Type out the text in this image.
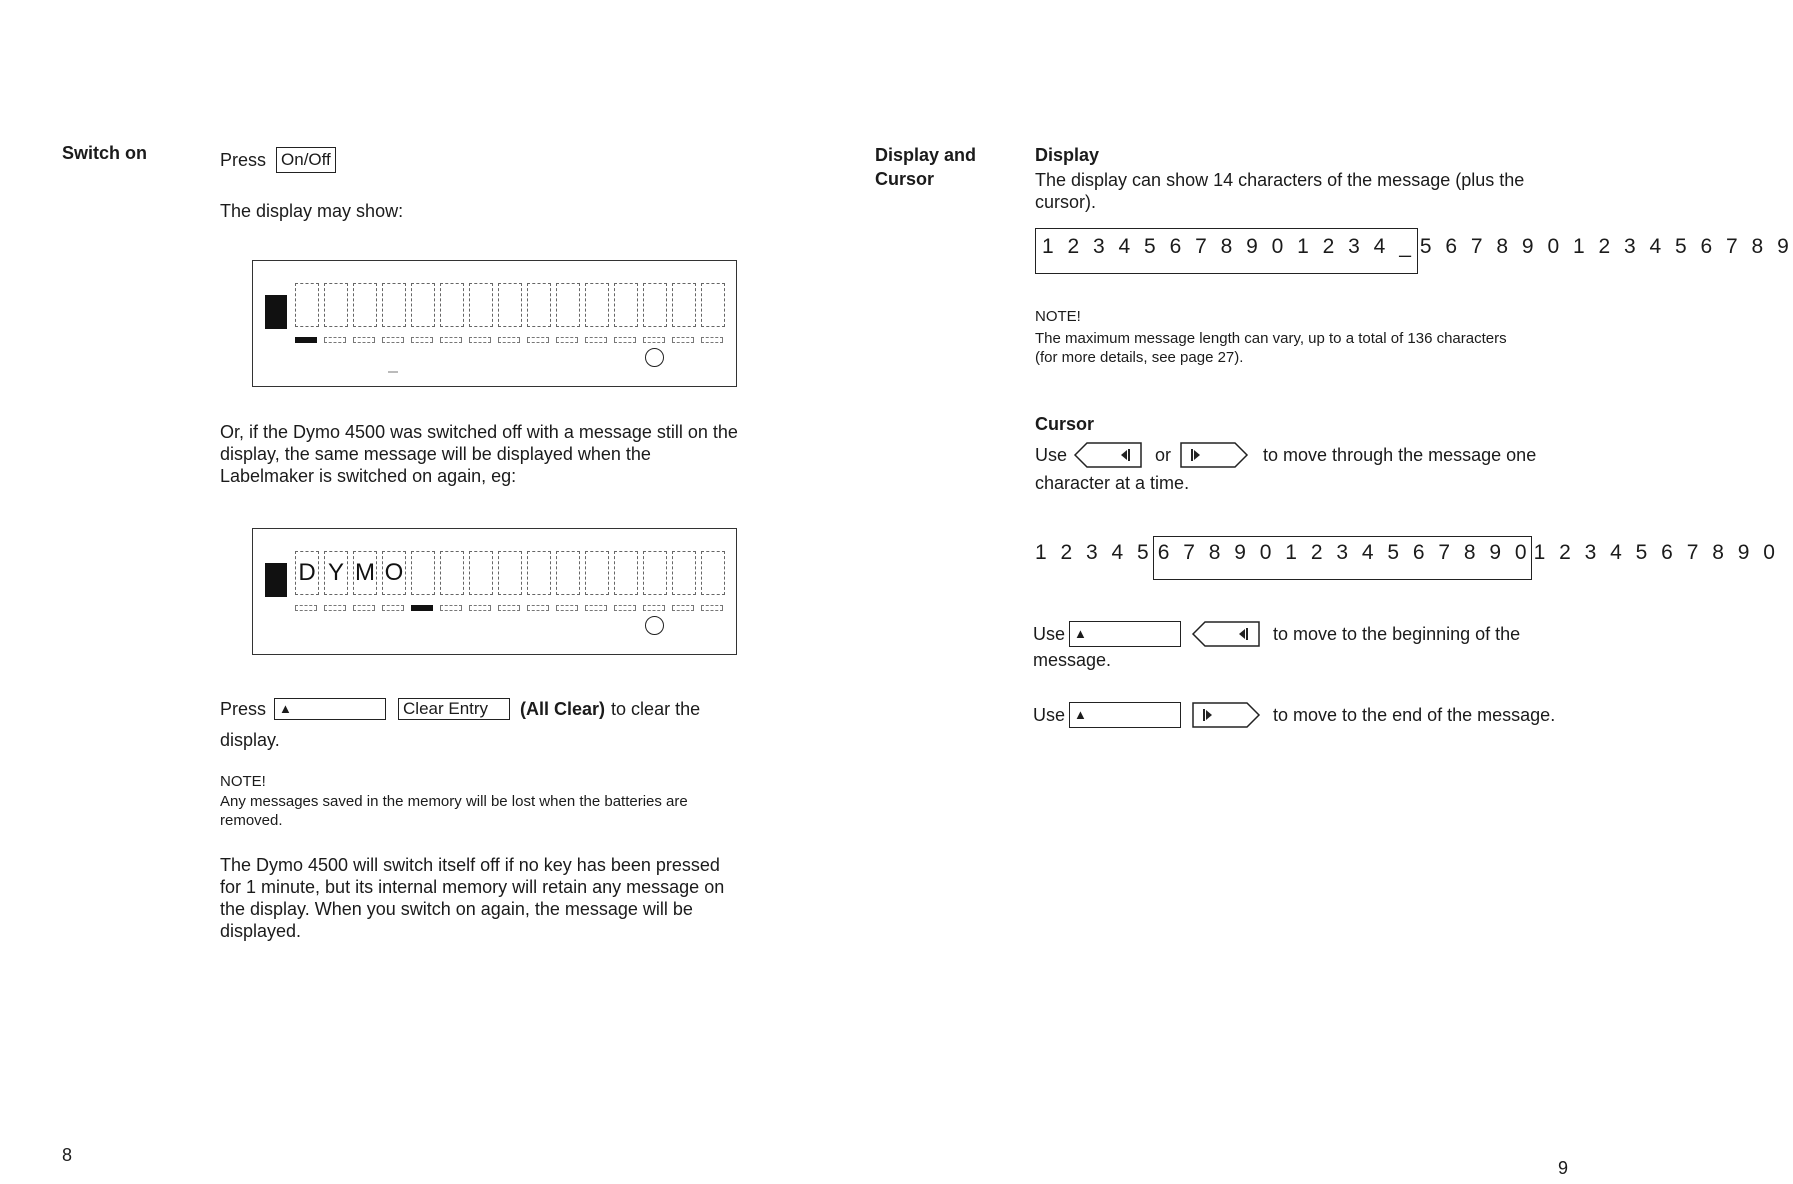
Switch on	Press On/Off
The display may show:
Or, if the Dymo 4500 was switched off with a message still on the
display, the same message will be displayed when the
Labelmaker is switched on again, eg:
D Y M O
Press	▲	Clear Entry	(All Clear) to clear the
display.
NOTE!
Any messages saved in the memory will be lost when the batteries are
removed.
The Dymo 4500 will switch itself off if no key has been pressed
for 1 minute, but its internal memory will retain any message on
the display. When you switch on again, the message will be
displayed.
8
Display and
Cursor
Display
The display can show 14 characters of the message (plus the
cursor).
1 2 3 4 5 6 7 8 9 0 1 2 3 4 _ 5 6 7 8 9 0 1 2 3 4 5 6 7 8 9
NOTE!
The maximum message length can vary, up to a total of 136 characters
(for more details, see page 27).
Cursor
Use	or	to move through the message one
character at a time.
1 2 3 4 5 6 7 8 9 0 1 2 3 4 5 6 7 8 9 0 1 2 3 4 5 6 7 8 9 0
Use ▲	to move to the beginning of the
message.
Use ▲	to move to the end of the message.
9
